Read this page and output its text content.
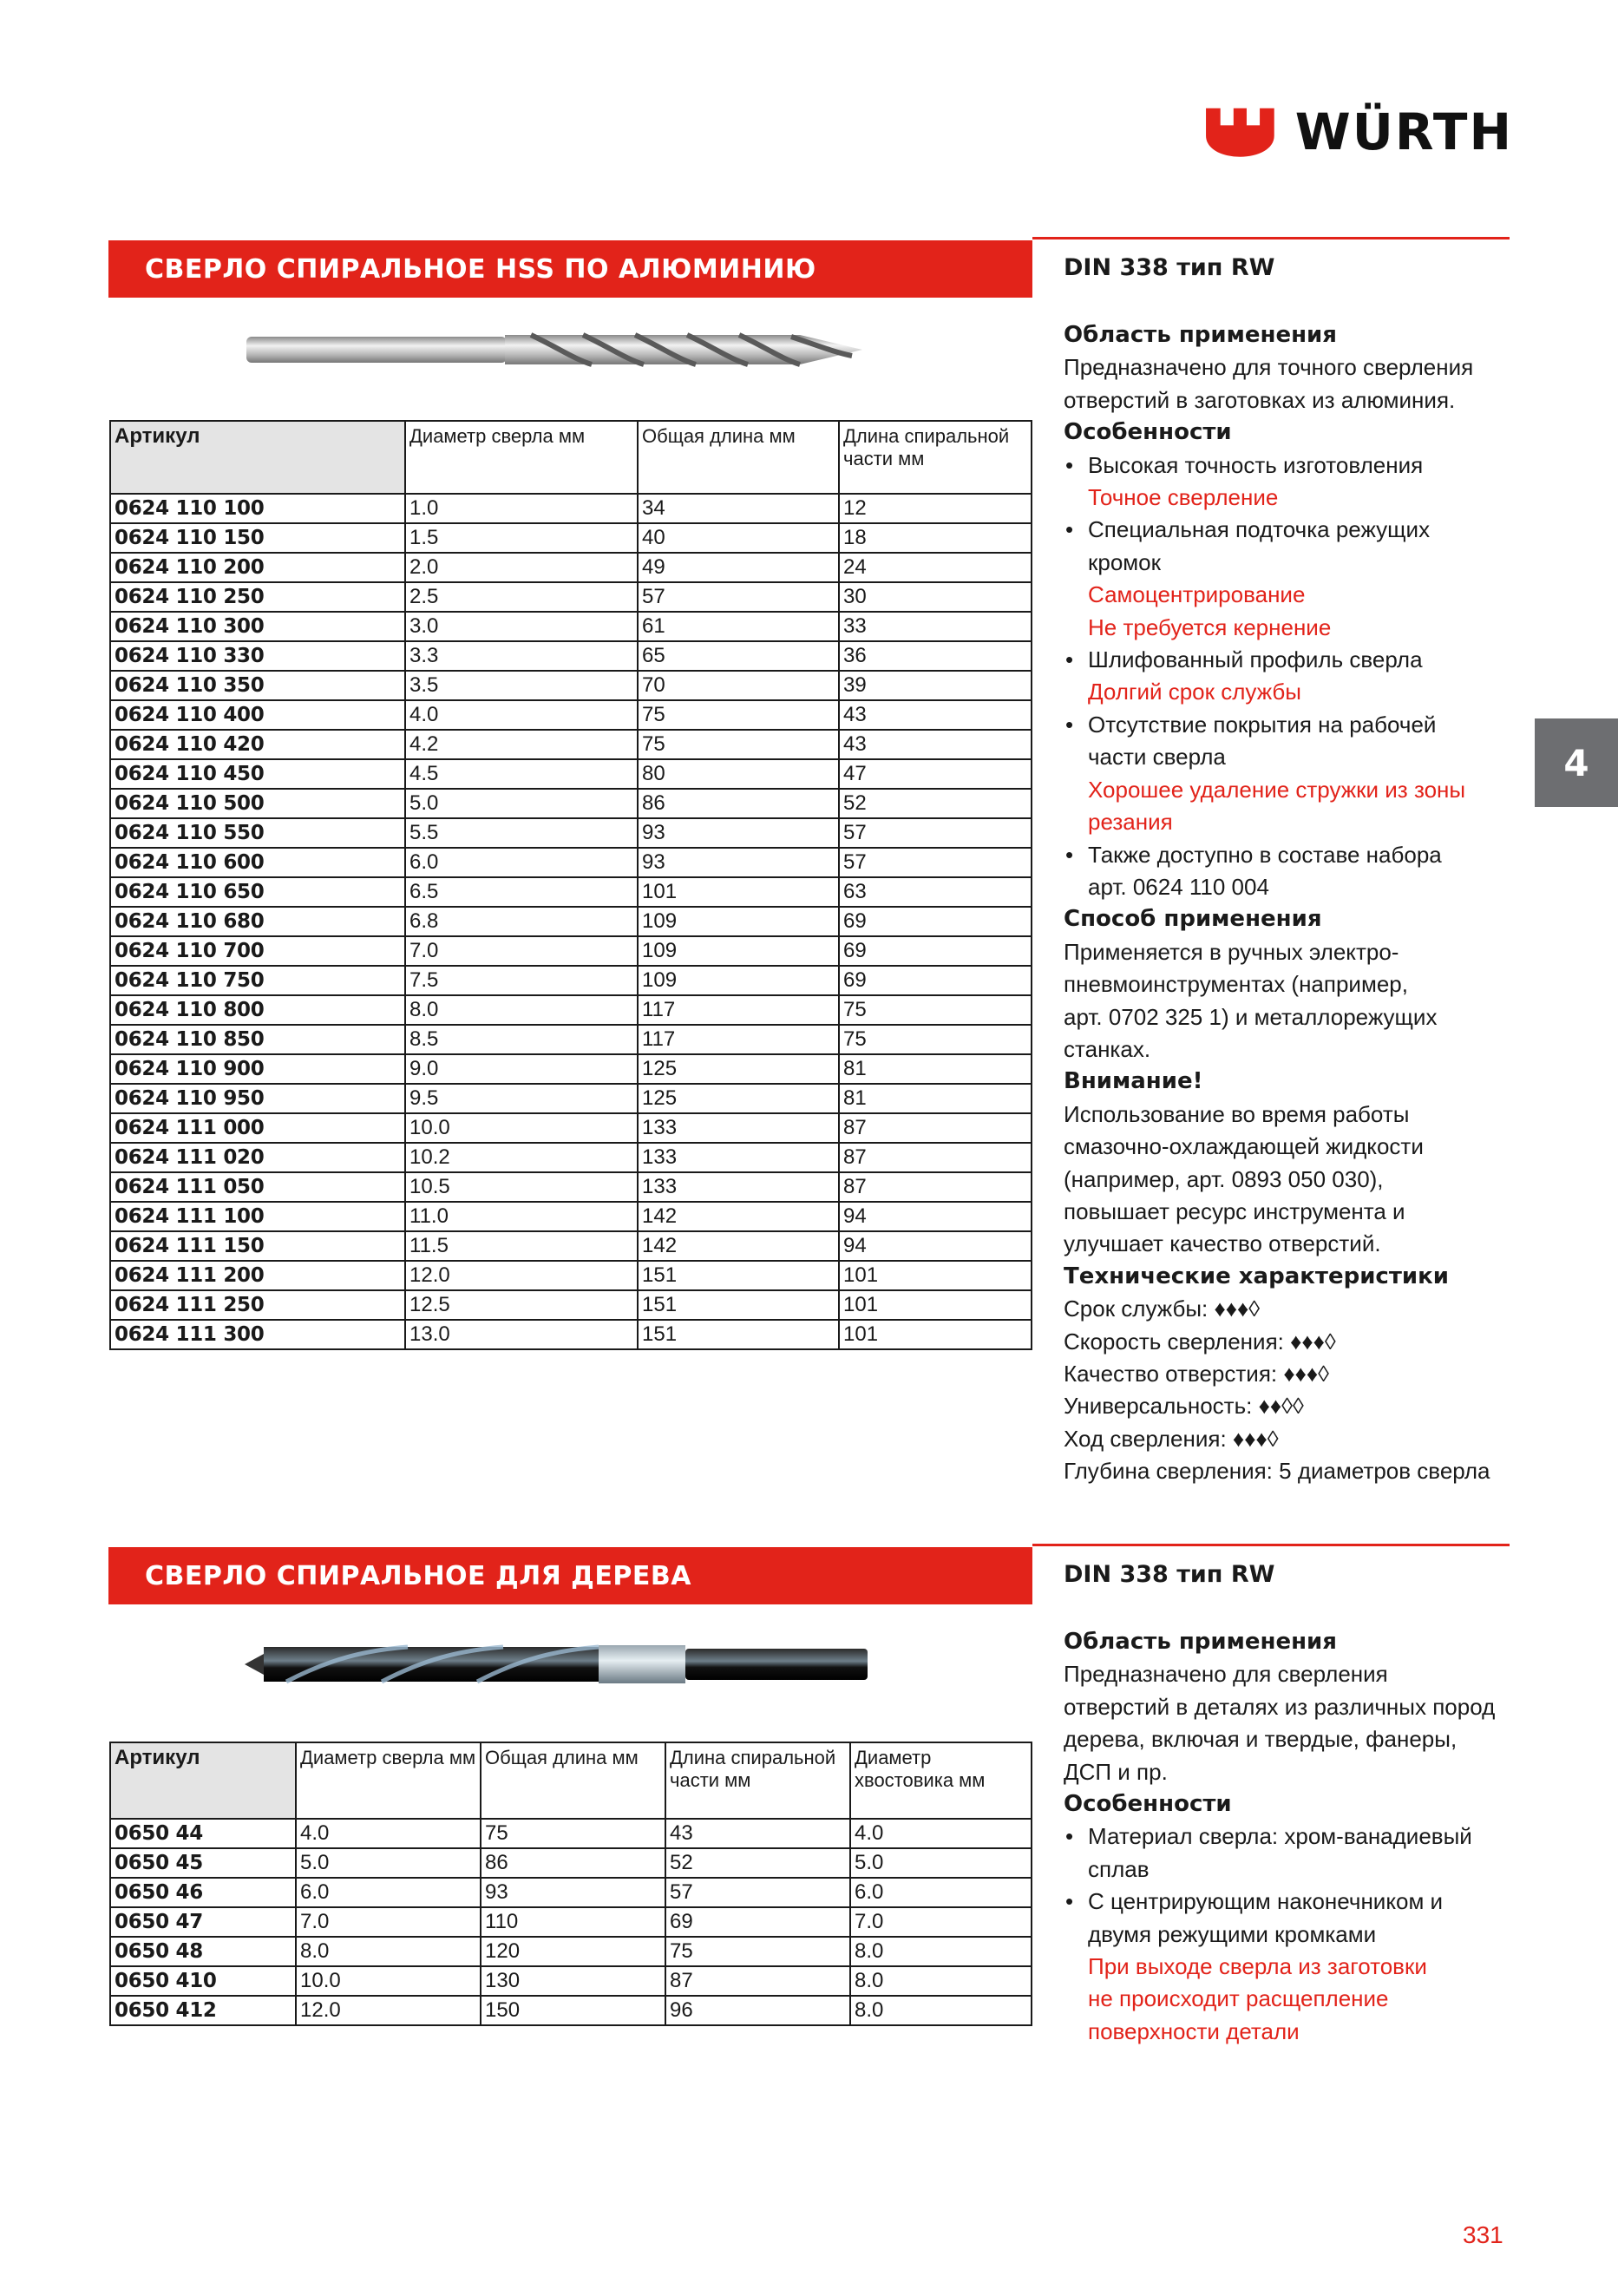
WÜRTH
СВЕРЛО СПИРАЛЬНОЕ HSS ПО АЛЮМИНИЮ	DIN 338 тип RW
Артикул	Диаметр сверла мм	Общая длина мм	Длина спиральной части мм
0624 110 100	1.0	34	12
0624 110 150	1.5	40	18
0624 110 200	2.0	49	24
0624 110 250	2.5	57	30
0624 110 300	3.0	61	33
0624 110 330	3.3	65	36
0624 110 350	3.5	70	39
0624 110 400	4.0	75	43
0624 110 420	4.2	75	43
0624 110 450	4.5	80	47
0624 110 500	5.0	86	52
0624 110 550	5.5	93	57
0624 110 600	6.0	93	57
0624 110 650	6.5	101	63
0624 110 680	6.8	109	69
0624 110 700	7.0	109	69
0624 110 750	7.5	109	69
0624 110 800	8.0	117	75
0624 110 850	8.5	117	75
0624 110 900	9.0	125	81
0624 110 950	9.5	125	81
0624 111 000	10.0	133	87
0624 111 020	10.2	133	87
0624 111 050	10.5	133	87
0624 111 100	11.0	142	94
0624 111 150	11.5	142	94
0624 111 200	12.0	151	101
0624 111 250	12.5	151	101
0624 111 300	13.0	151	101
Область применения
Предназначено для точного сверления
отверстий в заготовках из алюминия.
Особенности
• Высокая точность изготовления
Точное сверление
• Специальная подточка режущих
кромок
Самоцентрирование
Не требуется кернение
• Шлифованный профиль сверла
Долгий срок службы
• Отсутствие покрытия на рабочей
части сверла
Хорошее удаление стружки из зоны
резания
• Также доступно в составе набора
арт. 0624 110 004
Способ применения
Применяется в ручных электро-
пневмоинструментах (например,
арт. 0702 325 1) и металлорежущих
станках.
Внимание!
Использование во время работы
смазочно-охлаждающей жидкости
(например, арт. 0893 050 030),
повышает ресурс инструмента и
улучшает качество отверстий.
Технические характеристики
Срок службы: ♦♦♦◊
Скорость сверления: ♦♦♦◊
Качество отверстия: ♦♦♦◊
Универсальность: ♦♦◊◊
Ход сверления: ♦♦♦◊
Глубина сверления: 5 диаметров сверла
4
СВЕРЛО СПИРАЛЬНОЕ ДЛЯ ДЕРЕВА	DIN 338 тип RW
Артикул	Диаметр сверла мм	Общая длина мм	Длина спиральной части мм	Диаметр хвостовика мм
0650 44	4.0	75	43	4.0
0650 45	5.0	86	52	5.0
0650 46	6.0	93	57	6.0
0650 47	7.0	110	69	7.0
0650 48	8.0	120	75	8.0
0650 410	10.0	130	87	8.0
0650 412	12.0	150	96	8.0
Область применения
Предназначено для сверления
отверстий в деталях из различных пород
дерева, включая и твердые, фанеры,
ДСП и пр.
Особенности
• Материал сверла: хром-ванадиевый
сплав
• С центрирующим наконечником и
двумя режущими кромками
При выходе сверла из заготовки
не происходит расщепление
поверхности детали
331
